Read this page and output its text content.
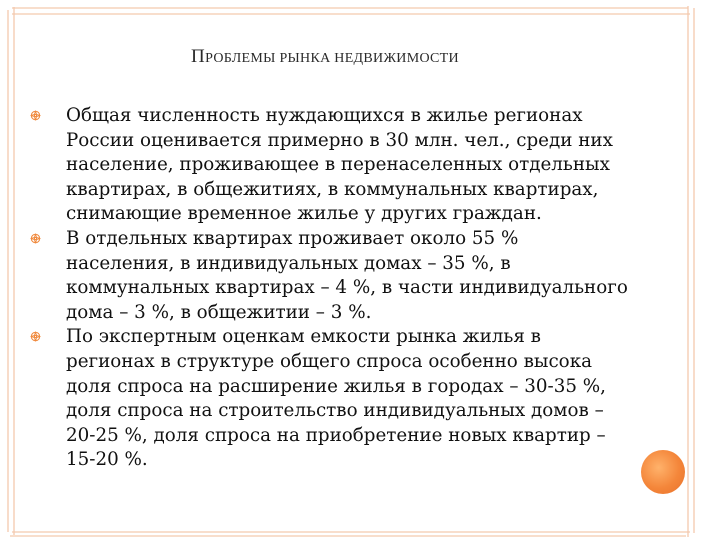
ПРОБЛЕМЫ РЫНКА НЕДВИЖИМОСТИ
Общая численность нуждающихся в жилье регионах России оценивается примерно в 30 млн. чел., среди них население, проживающее в перенаселенных отдельных квартирах, в общежитиях, в коммунальных квартирах, снимающие временное жилье у других граждан.
В отдельных квартирах проживает около 55 % населения, в индивидуальных домах – 35 %, в коммунальных квартирах – 4 %, в части индивидуального дома – 3 %, в общежитии – 3 %.
По экспертным оценкам емкости рынка жилья в регионах в структуре общего спроса особенно высока доля спроса на расширение жилья в городах – 30-35 %, доля спроса на строительство индивидуальных домов – 20-25 %, доля спроса на приобретение новых квартир – 15-20 %.
